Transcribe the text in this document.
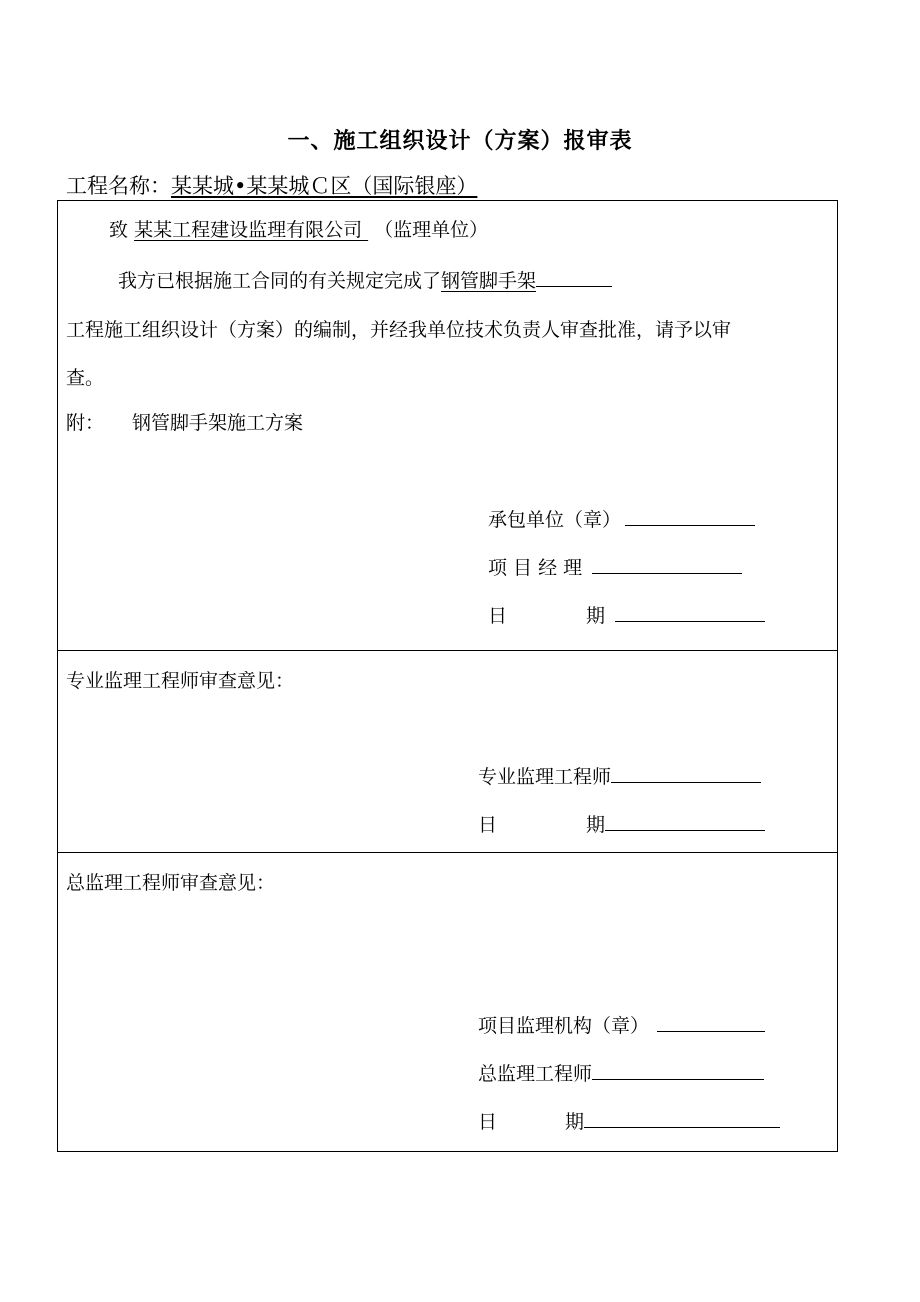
一、施工组织设计（方案）报审表
工程名称：某某城•某某城Ｃ区（国际银座）
致 某某工程建设监理有限公司 （监理单位）
我方已根据施工合同的有关规定完成了钢管脚手架
工程施工组织设计（方案）的编制，并经我单位技术负责人审查批准，请予以审
查。
附： 钢管脚手架施工方案
承包单位（章）
项 目 经 理
日	期
专业监理工程师审查意见：
专业监理工程师
日	期
总监理工程师审查意见：
项目监理机构（章）
总监理工程师
日	期
